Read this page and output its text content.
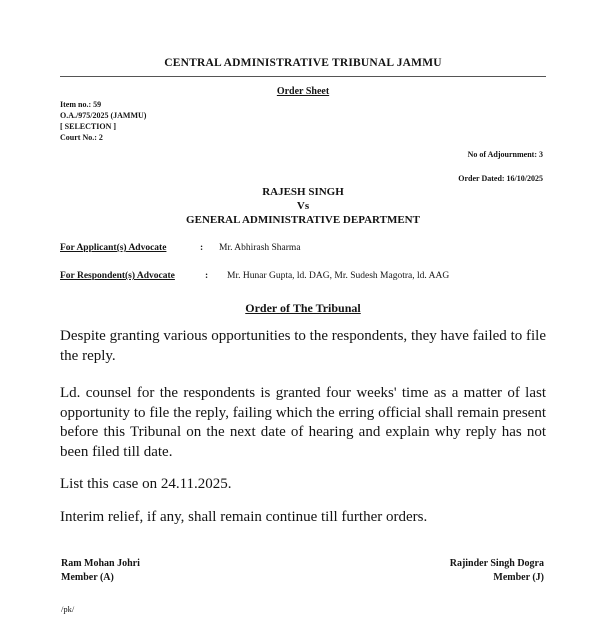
CENTRAL ADMINISTRATIVE TRIBUNAL JAMMU
Order Sheet
Item no.: 59
O.A./975/2025 (JAMMU)
[ SELECTION ]
Court No.: 2
No of Adjournment: 3
Order Dated: 16/10/2025
RAJESH SINGH
Vs
GENERAL ADMINISTRATIVE DEPARTMENT
For Applicant(s) Advocate	: Mr. Abhirash Sharma
For Respondent(s) Advocate	: Mr. Hunar Gupta, ld. DAG, Mr. Sudesh Magotra, ld. AAG
Order of The Tribunal
Despite granting various opportunities to the respondents, they have failed to file the reply.
Ld. counsel for the respondents is granted four weeks' time as a matter of last opportunity to file the reply, failing which the erring official shall remain present before this Tribunal on the next date of hearing and explain why reply has not been filed till date.
List this case on 24.11.2025.
Interim relief, if any, shall remain continue till further orders.
Ram Mohan Johri
Member (A)
Rajinder Singh Dogra
Member (J)
/pk/
